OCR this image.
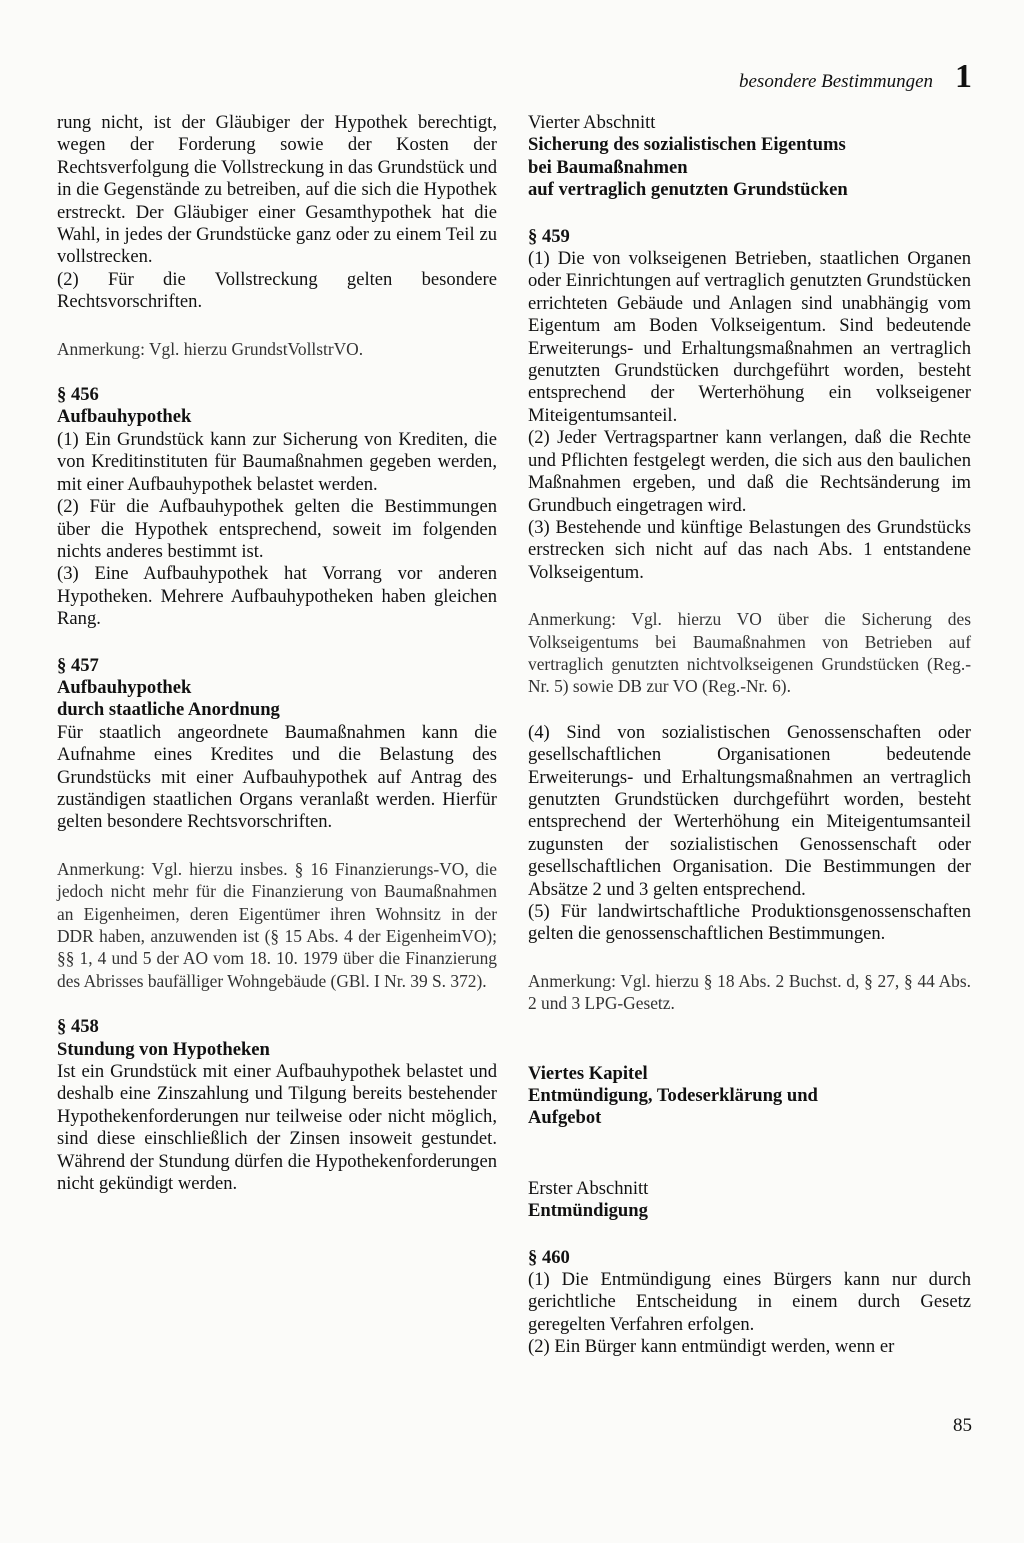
besondere Bestimmungen 1

rung nicht, ist der Gläubiger der Hypothek berechtigt, wegen der Forderung sowie der Kosten der Rechtsverfolgung die Vollstreckung in das Grundstück und in die Gegenstände zu betreiben, auf die sich die Hypothek erstreckt. Der Gläubiger einer Gesamthypothek hat die Wahl, in jedes der Grundstücke ganz oder zu einem Teil zu vollstrecken.

(2) Für die Vollstreckung gelten besondere Rechtsvorschriften.

Anmerkung: Vgl. hierzu GrundstVollstrVO.

§ 456

Aufbauhypothek

(1) Ein Grundstück kann zur Sicherung von Krediten, die von Kreditinstituten für Baumaßnahmen gegeben werden, mit einer Aufbauhypothek belastet werden.

(2) Für die Aufbauhypothek gelten die Bestimmungen über die Hypothek entsprechend, soweit im folgenden nichts anderes bestimmt ist.

(3) Eine Aufbauhypothek hat Vorrang vor anderen Hypotheken. Mehrere Aufbauhypotheken haben gleichen Rang.

§ 457

Aufbauhypothek

durch staatliche Anordnung

Für staatlich angeordnete Baumaßnahmen kann die Aufnahme eines Kredites und die Belastung des Grundstücks mit einer Aufbauhypothek auf Antrag des zuständigen staatlichen Organs veranlaßt werden. Hierfür gelten besondere Rechtsvorschriften.

Anmerkung: Vgl. hierzu insbes. § 16 Finanzierungs-VO, die jedoch nicht mehr für die Finanzierung von Baumaßnahmen an Eigenheimen, deren Eigentümer ihren Wohnsitz in der DDR haben, anzuwenden ist (§ 15 Abs. 4 der EigenheimVO); §§ 1, 4 und 5 der AO vom 18. 10. 1979 über die Finanzierung des Abrisses baufälliger Wohngebäude (GBl. I Nr. 39 S. 372).

§ 458

Stundung von Hypotheken

Ist ein Grundstück mit einer Aufbauhypothek belastet und deshalb eine Zinszahlung und Tilgung bereits bestehender Hypothekenforderungen nur teilweise oder nicht möglich, sind diese einschließlich der Zinsen insoweit gestundet. Während der Stundung dürfen die Hypothekenforderungen nicht gekündigt werden.

Vierter Abschnitt

Sicherung des sozialistischen Eigentums

bei Baumaßnahmen

auf vertraglich genutzten Grundstücken

§ 459

(1) Die von volkseigenen Betrieben, staatlichen Organen oder Einrichtungen auf vertraglich genutzten Grundstücken errichteten Gebäude und Anlagen sind unabhängig vom Eigentum am Boden Volkseigentum. Sind bedeutende Erweiterungs- und Erhaltungsmaßnahmen an vertraglich genutzten Grundstücken durchgeführt worden, besteht entsprechend der Werterhöhung ein volkseigener Miteigentumsanteil.

(2) Jeder Vertragspartner kann verlangen, daß die Rechte und Pflichten festgelegt werden, die sich aus den baulichen Maßnahmen ergeben, und daß die Rechtsänderung im Grundbuch eingetragen wird.

(3) Bestehende und künftige Belastungen des Grundstücks erstrecken sich nicht auf das nach Abs. 1 entstandene Volkseigentum.

Anmerkung: Vgl. hierzu VO über die Sicherung des Volkseigentums bei Baumaßnahmen von Betrieben auf vertraglich genutzten nichtvolkseigenen Grundstücken (Reg.-Nr. 5) sowie DB zur VO (Reg.-Nr. 6).

(4) Sind von sozialistischen Genossenschaften oder gesellschaftlichen Organisationen bedeutende Erweiterungs- und Erhaltungsmaßnahmen an vertraglich genutzten Grundstücken durchgeführt worden, besteht entsprechend der Werterhöhung ein Miteigentumsanteil zugunsten der sozialistischen Genossenschaft oder gesellschaftlichen Organisation. Die Bestimmungen der Absätze 2 und 3 gelten entsprechend.

(5) Für landwirtschaftliche Produktionsgenossenschaften gelten die genossenschaftlichen Bestimmungen.

Anmerkung: Vgl. hierzu § 18 Abs. 2 Buchst. d, § 27, § 44 Abs. 2 und 3 LPG-Gesetz.

Viertes Kapitel

Entmündigung, Todeserklärung und

Aufgebot

Erster Abschnitt

Entmündigung

§ 460

(1) Die Entmündigung eines Bürgers kann nur durch gerichtliche Entscheidung in einem durch Gesetz geregelten Verfahren erfolgen.

(2) Ein Bürger kann entmündigt werden, wenn er

85
